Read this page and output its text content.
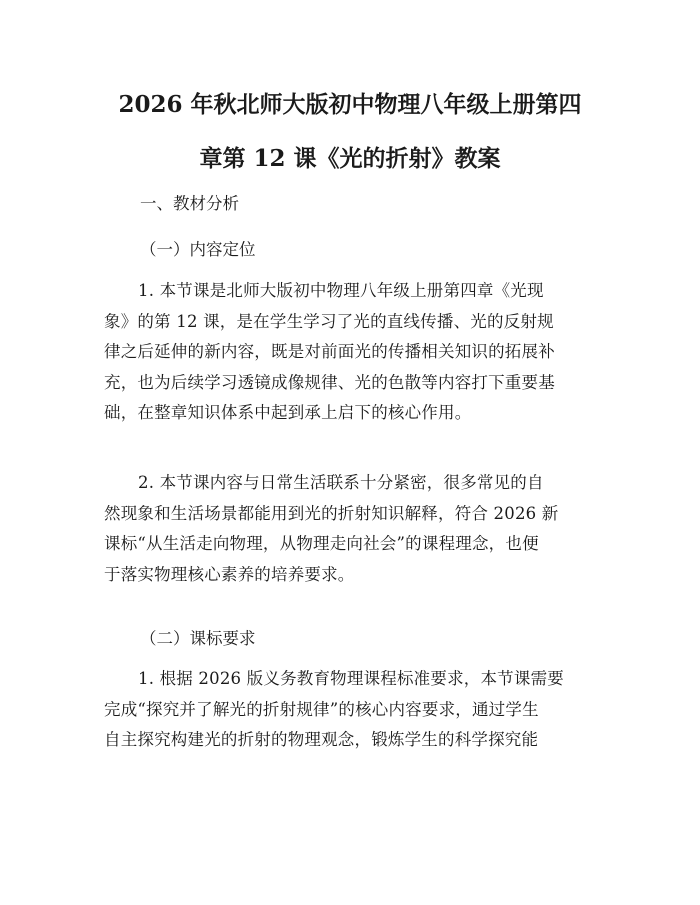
2026 年秋北师大版初中物理八年级上册第四
章第 12 课《光的折射》教案

一、教材分析

（一）内容定位

1. 本节课是北师大版初中物理八年级上册第四章《光现
象》的第 12 课，是在学生学习了光的直线传播、光的反射规
律之后延伸的新内容，既是对前面光的传播相关知识的拓展补
充，也为后续学习透镜成像规律、光的色散等内容打下重要基
础，在整章知识体系中起到承上启下的核心作用。
2. 本节课内容与日常生活联系十分紧密，很多常见的自
然现象和生活场景都能用到光的折射知识解释，符合 2026 新
课标“从生活走向物理，从物理走向社会”的课程理念，也便
于落实物理核心素养的培养要求。

（二）课标要求

1. 根据 2026 版义务教育物理课程标准要求，本节课需要
完成“探究并了解光的折射规律”的核心内容要求，通过学生
自主探究构建光的折射的物理观念，锻炼学生的科学探究能
